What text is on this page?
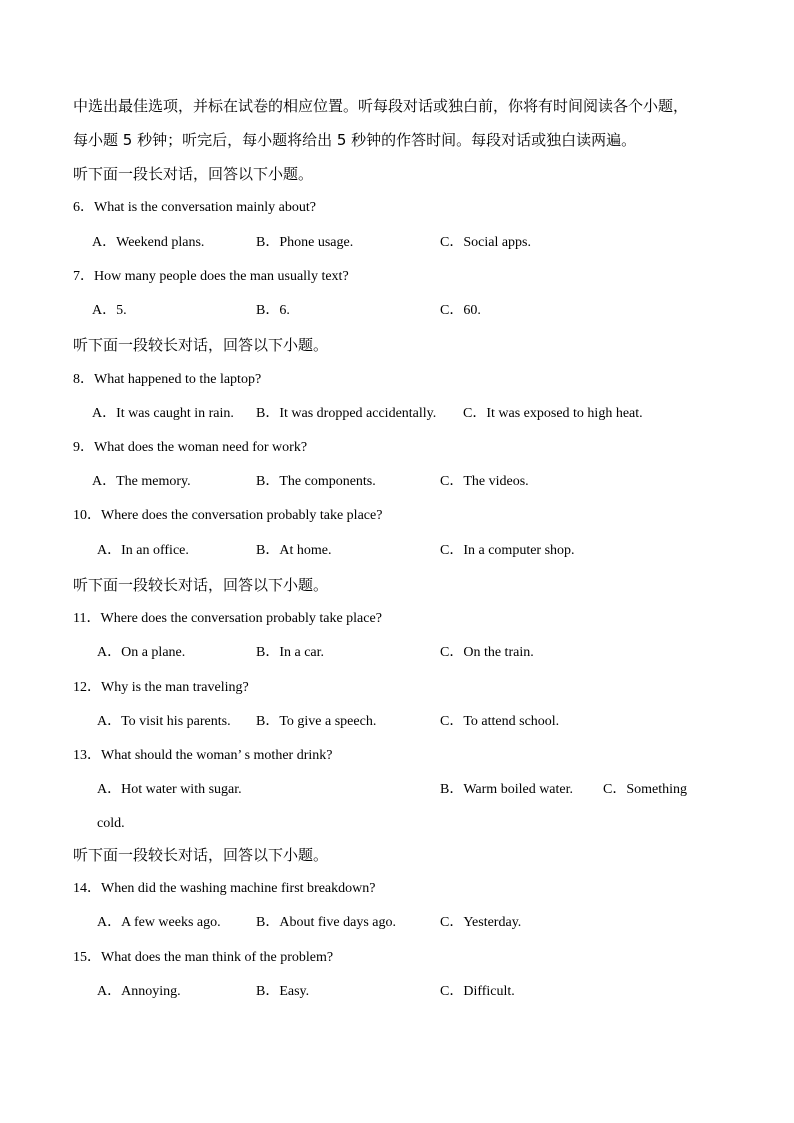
中选出最佳选项，并标在试卷的相应位置。听每段对话或独白前，你将有时间阅读各个小题，
每小题 5 秒钟；听完后，每小题将给出 5 秒钟的作答时间。每段对话或独白读两遍。
听下面一段长对话，回答以下小题。
6．What is the conversation mainly about?
A．Weekend plans.	B．Phone usage.	C．Social apps.
7．How many people does the man usually text?
A．5.	B．6.	C．60.
听下面一段较长对话，回答以下小题。
8．What happened to the laptop?
A．It was caught in rain. B．It was dropped accidentally. C．It was exposed to high heat.
9．What does the woman need for work?
A．The memory.	B．The components.	C．The videos.
10．Where does the conversation probably take place?
A．In an office.	B．At home.	C．In a computer shop.
听下面一段较长对话，回答以下小题。
11．Where does the conversation probably take place?
A．On a plane.	B．In a car.	C．On the train.
12．Why is the man traveling?
A．To visit his parents. B．To give a speech.	C．To attend school.
13．What should the woman’ s mother drink?
A．Hot water with sugar.	B．Warm boiled water. C．Something
cold.
听下面一段较长对话，回答以下小题。
14．When did the washing machine first breakdown?
A．A few weeks ago.	B．About five days ago.	C．Yesterday.
15．What does the man think of the problem?
A．Annoying.	B．Easy.	C．Difficult.
